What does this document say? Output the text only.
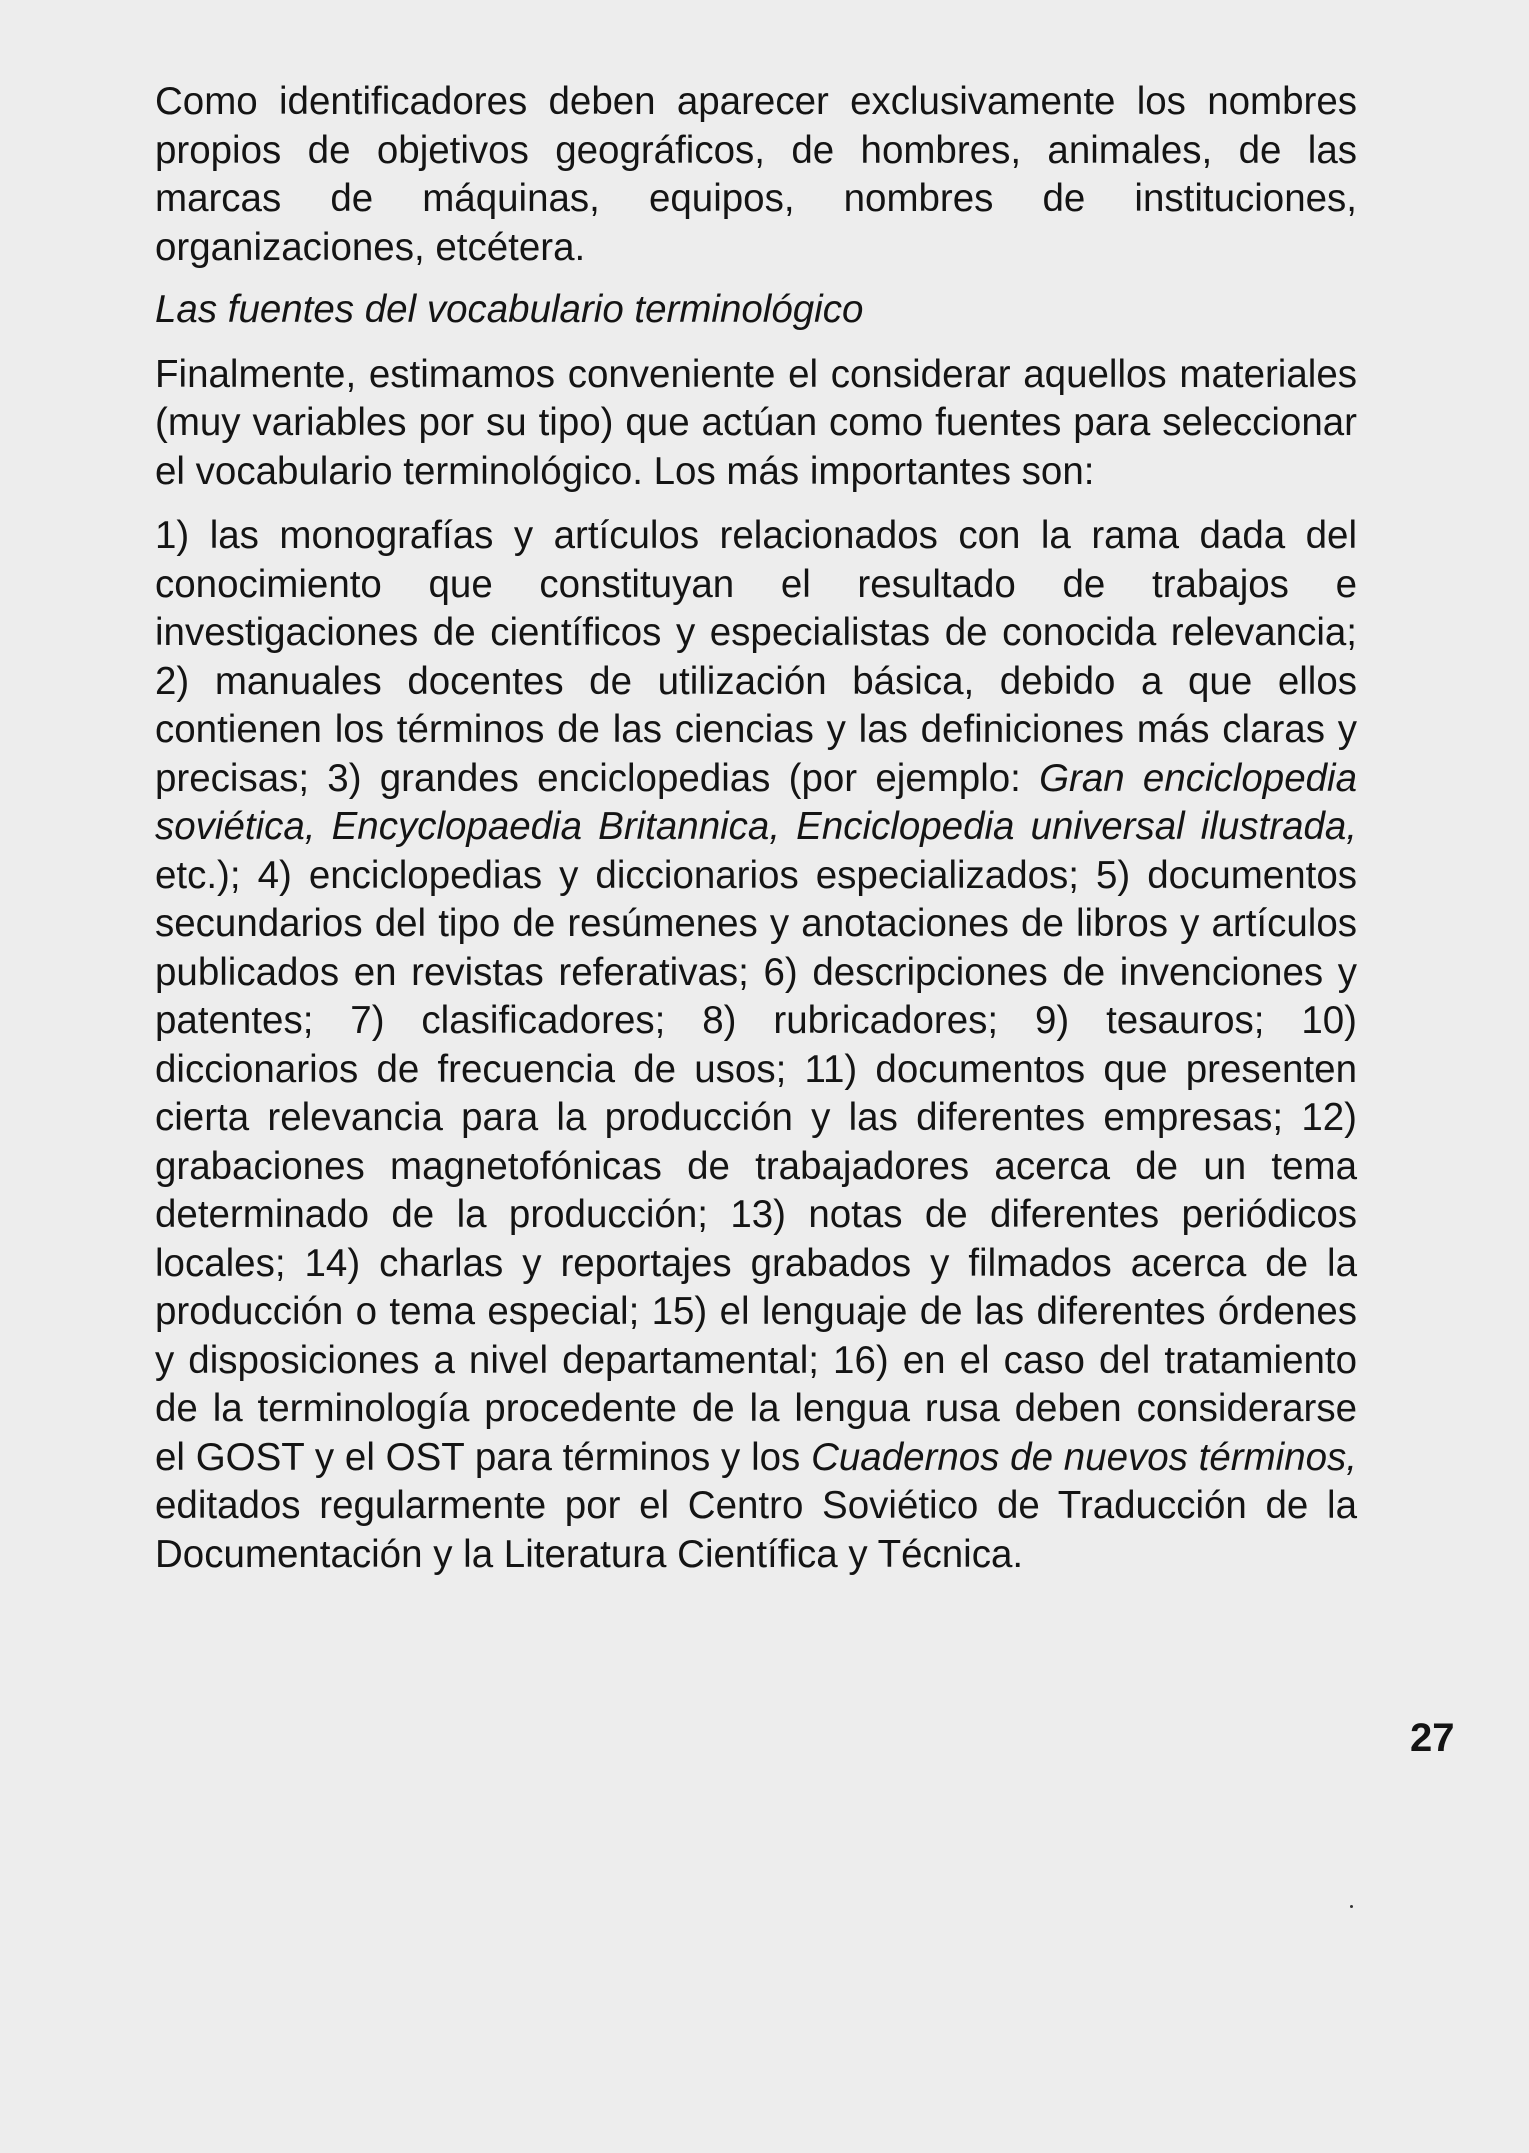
Como identificadores deben aparecer exclusivamente los nombres propios de objetivos geográficos, de hombres, animales, de las marcas de máquinas, equipos, nombres de instituciones, organizaciones, etcétera.

Las fuentes del vocabulario terminológico

Finalmente, estimamos conveniente el considerar aquellos materiales (muy variables por su tipo) que actúan como fuentes para seleccionar el vocabulario terminológico. Los más importantes son:

1) las monografías y artículos relacionados con la rama dada del conocimiento que constituyan el resultado de trabajos e investigaciones de científicos y especialistas de conocida relevancia; 2) manuales docentes de utilización básica, debido a que ellos contienen los términos de las ciencias y las definiciones más claras y precisas; 3) grandes enciclopedias (por ejemplo: Gran enciclopedia soviética, Encyclopaedia Britannica, Enciclopedia universal ilustrada, etc.); 4) enciclopedias y diccionarios especializados; 5) documentos secundarios del tipo de resúmenes y anotaciones de libros y artículos publicados en revistas referativas; 6) descripciones de invenciones y patentes; 7) clasificadores; 8) rubricadores; 9) tesauros; 10) diccionarios de frecuencia de usos; 11) documentos que presenten cierta relevancia para la producción y las diferentes empresas; 12) grabaciones magnetofónicas de trabajadores acerca de un tema determinado de la producción; 13) notas de diferentes periódicos locales; 14) charlas y reportajes grabados y filmados acerca de la producción o tema especial; 15) el lenguaje de las diferentes órdenes y disposiciones a nivel departamental; 16) en el caso del tratamiento de la terminología procedente de la lengua rusa deben considerarse el GOST y el OST para términos y los Cuadernos de nuevos términos, editados regularmente por el Centro Soviético de Traducción de la Documentación y la Literatura Científica y Técnica.

27
